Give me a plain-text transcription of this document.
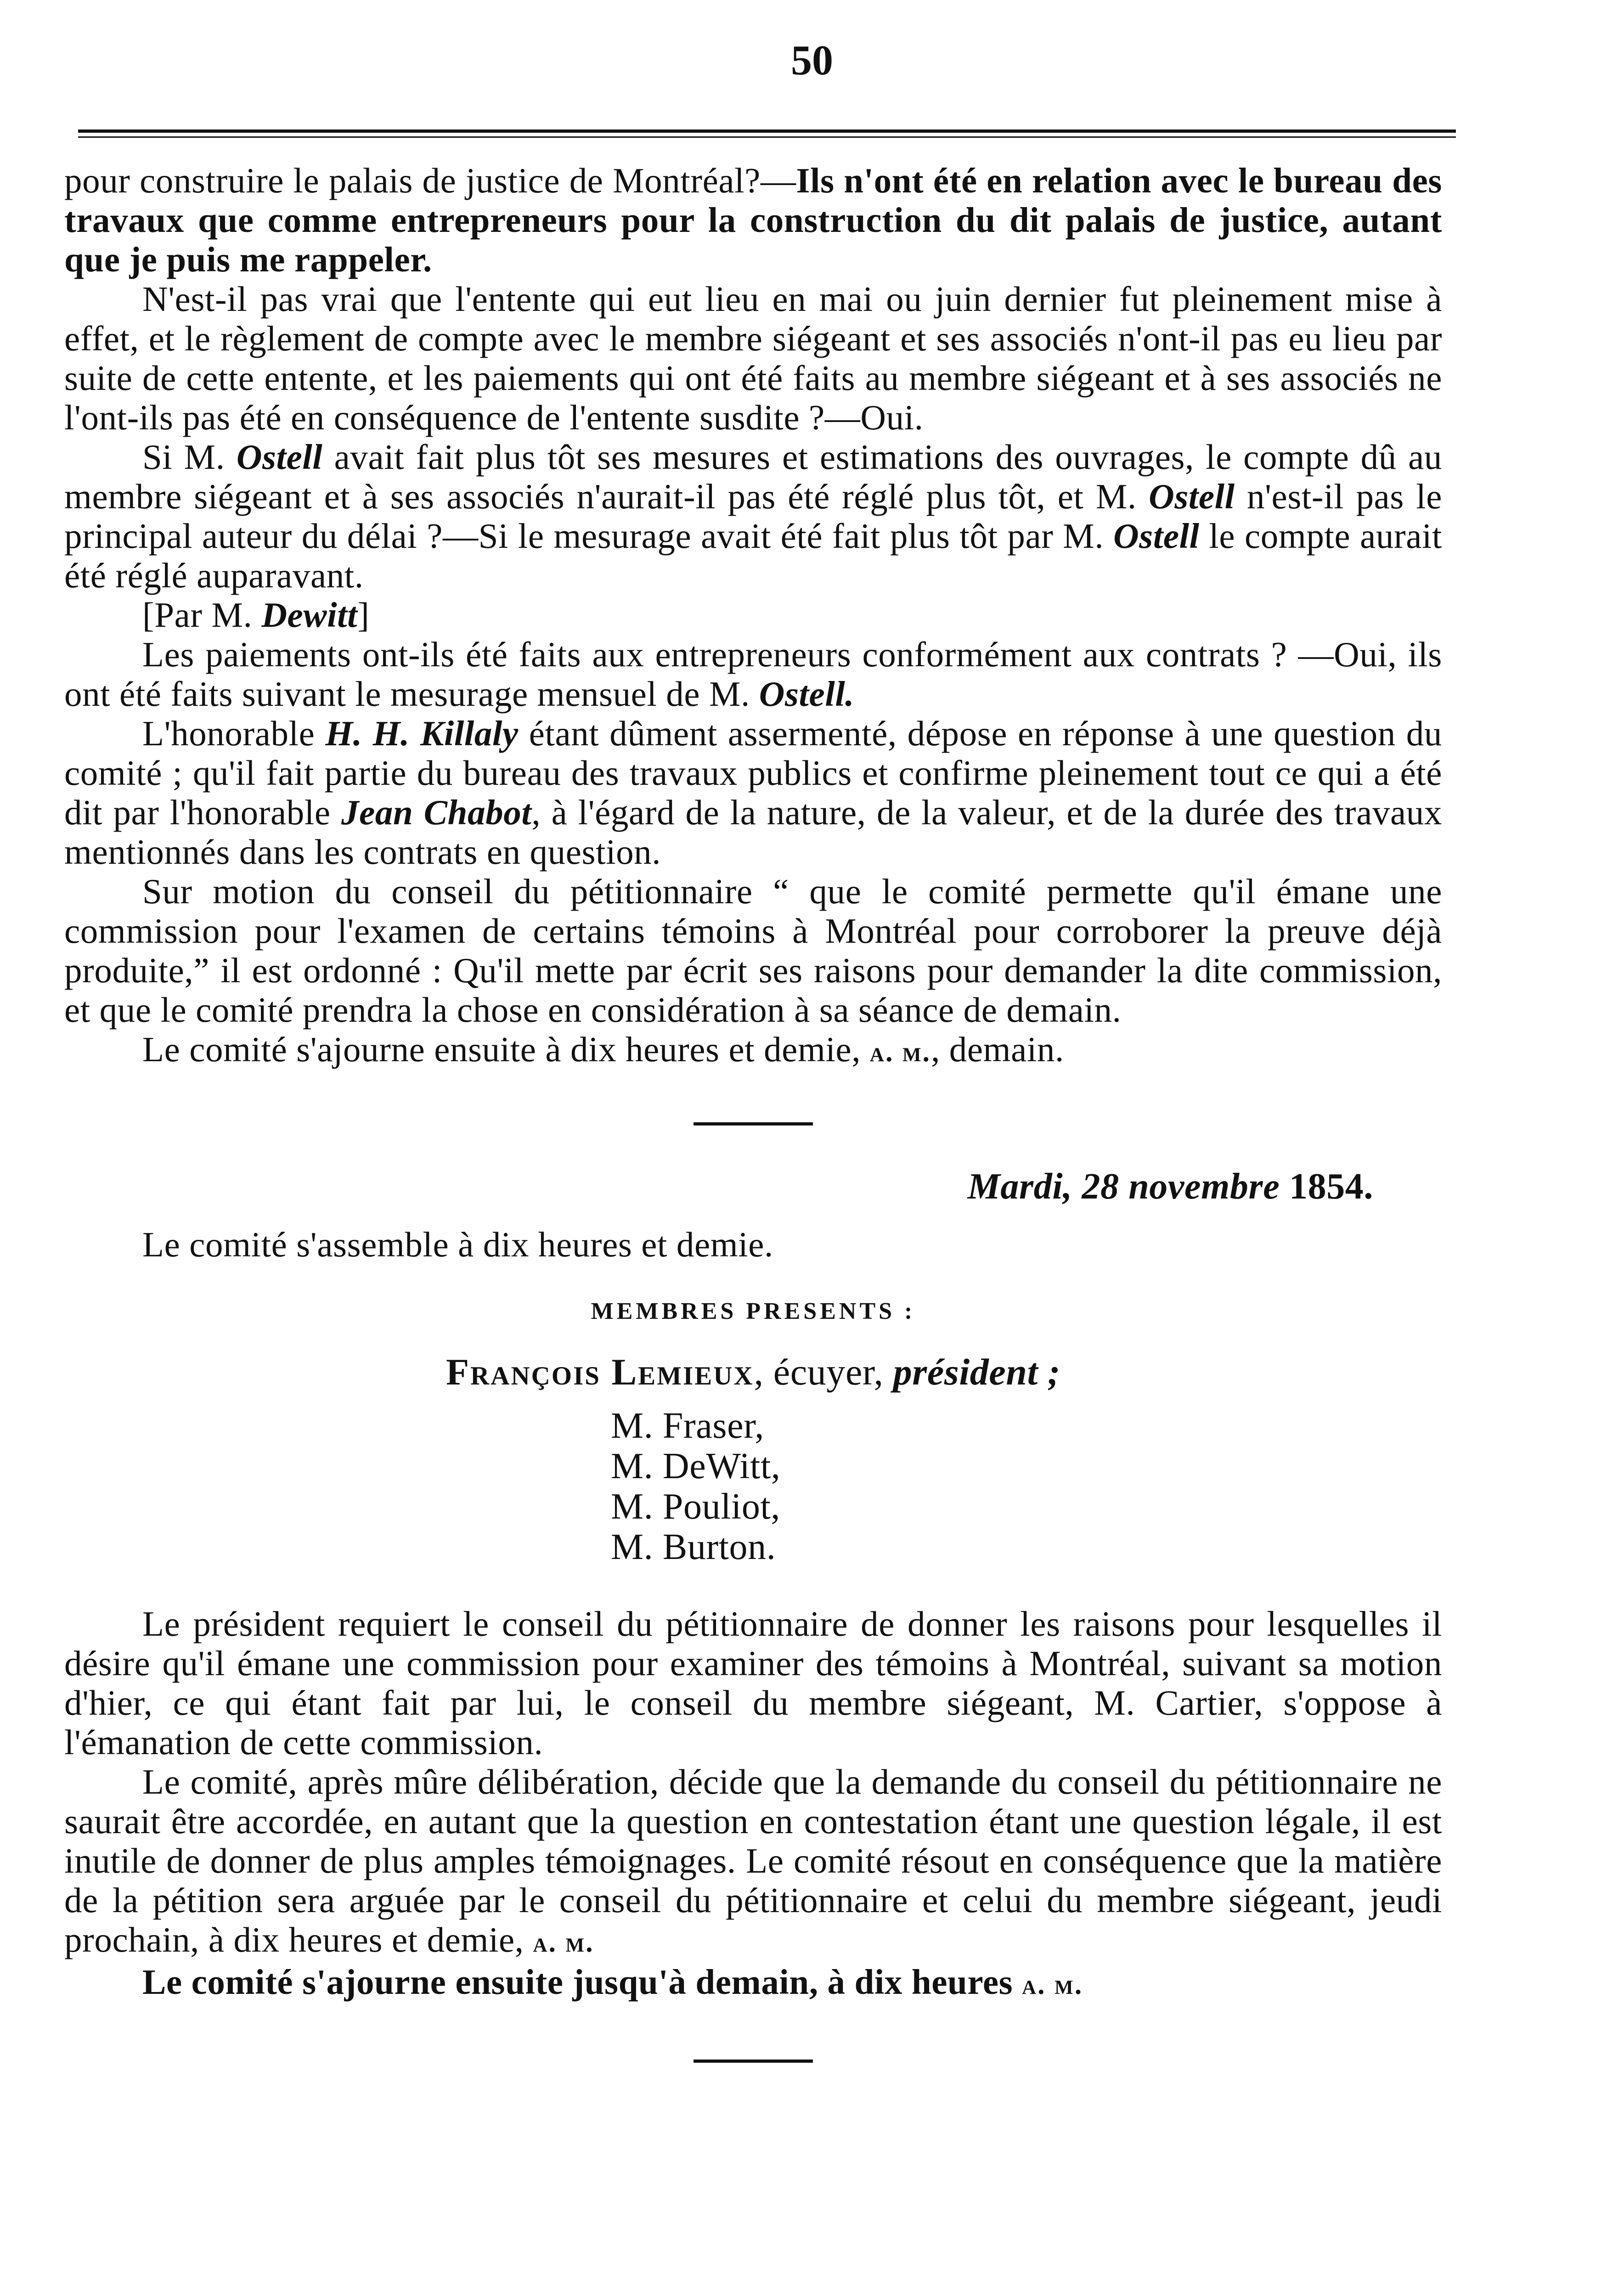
50

pour construire le palais de justice de Montréal?—Ils n'ont été en relation avec le bureau des travaux que comme entrepreneurs pour la construction du dit palais de justice, autant que je puis me rappeler.

N'est-il pas vrai que l'entente qui eut lieu en mai ou juin dernier fut pleinement mise à effet, et le règlement de compte avec le membre siégeant et ses associés n'ont-il pas eu lieu par suite de cette entente, et les paiements qui ont été faits au membre siégeant et à ses associés ne l'ont-ils pas été en conséquence de l'entente susdite ?—Oui.

Si M. Ostell avait fait plus tôt ses mesures et estimations des ouvrages, le compte dû au membre siégeant et à ses associés n'aurait-il pas été réglé plus tôt, et M. Ostell n'est-il pas le principal auteur du délai ?—Si le mesurage avait été fait plus tôt par M. Ostell le compte aurait été réglé auparavant.

[Par M. Dewitt]

Les paiements ont-ils été faits aux entrepreneurs conformément aux contrats ? —Oui, ils ont été faits suivant le mesurage mensuel de M. Ostell.

L'honorable H. H. Killaly étant dûment assermenté, dépose en réponse à une question du comité ; qu'il fait partie du bureau des travaux publics et confirme pleinement tout ce qui a été dit par l'honorable Jean Chabot, à l'égard de la nature, de la valeur, et de la durée des travaux mentionnés dans les contrats en question.

Sur motion du conseil du pétitionnaire “ que le comité permette qu'il émane une commission pour l'examen de certains témoins à Montréal pour corroborer la preuve déjà produite,” il est ordonné : Qu'il mette par écrit ses raisons pour demander la dite commission, et que le comité prendra la chose en considération à sa séance de demain.

Le comité s'ajourne ensuite à dix heures et demie, a. m., demain.

Mardi, 28 novembre 1854.

Le comité s'assemble à dix heures et demie.

MEMBRES PRESENTS :
François Lemieux, écuyer, président ;
M. Fraser,
M. DeWitt,
M. Pouliot,
M. Burton.

Le président requiert le conseil du pétitionnaire de donner les raisons pour lesquelles il désire qu'il émane une commission pour examiner des témoins à Montréal, suivant sa motion d'hier, ce qui étant fait par lui, le conseil du membre siégeant, M. Cartier, s'oppose à l'émanation de cette commission.

Le comité, après mûre délibération, décide que la demande du conseil du pétitionnaire ne saurait être accordée, en autant que la question en contestation étant une question légale, il est inutile de donner de plus amples témoignages. Le comité résout en conséquence que la matière de la pétition sera arguée par le conseil du pétitionnaire et celui du membre siégeant, jeudi prochain, à dix heures et demie, a. m.

Le comité s'ajourne ensuite jusqu'à demain, à dix heures a. m.
